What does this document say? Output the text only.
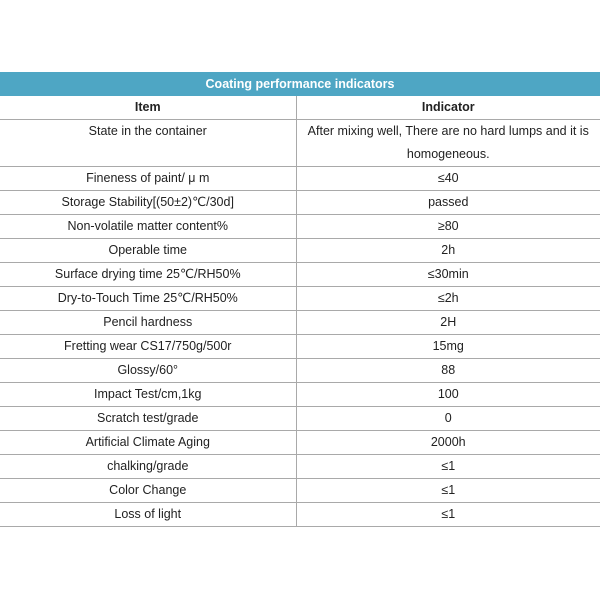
Coating performance indicators	
Item	Indicator
State in the container	After mixing well, There are no hard lumps and it is homogeneous.
Fineness of paint/ μ m	≤40
Storage Stability[(50±2)℃/30d]	passed
Non-volatile matter content%	≥80
Operable time	2h
Surface drying time 25℃/RH50%	≤30min
Dry-to-Touch Time 25℃/RH50%	≤2h
Pencil hardness	2H
Fretting wear CS17/750g/500r	15mg
Glossy/60°	88
Impact Test/cm,1kg	100
Scratch test/grade	0
Artificial Climate Aging	2000h
chalking/grade	≤1
Color Change	≤1
Loss of light	≤1
